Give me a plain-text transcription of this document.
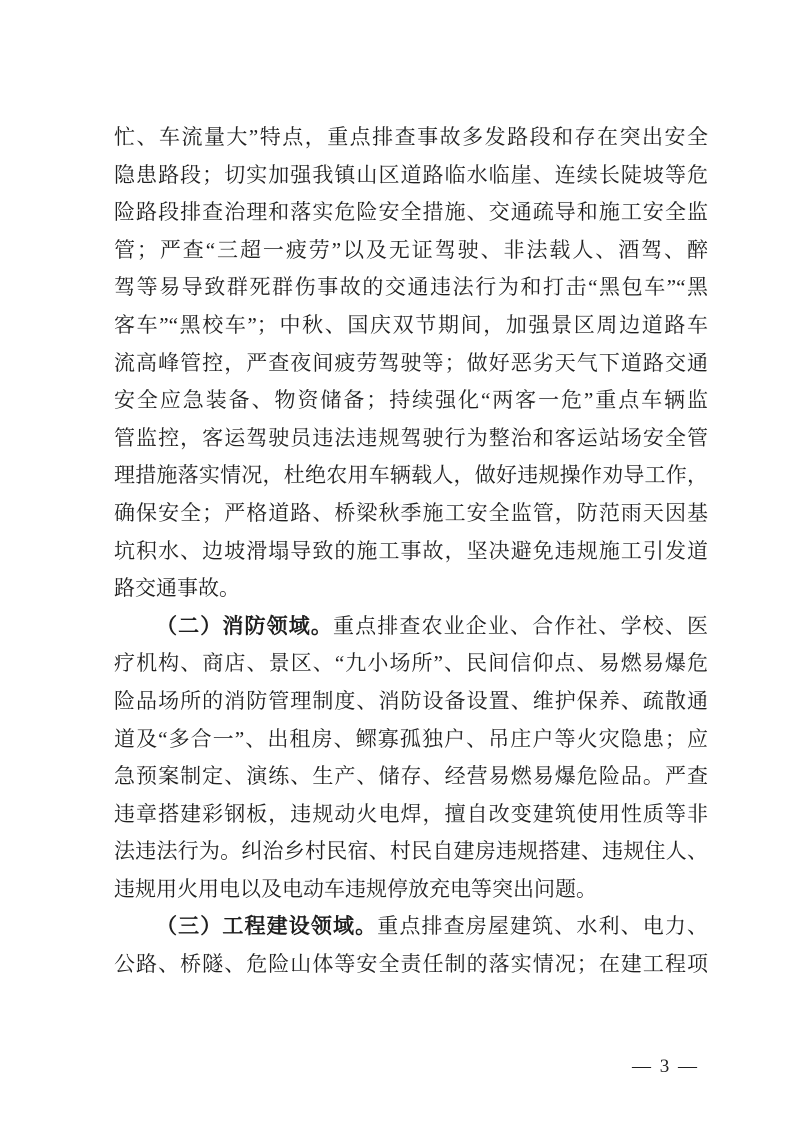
忙、车流量大”特点，重点排查事故多发路段和存在突出安全
隐患路段；切实加强我镇山区道路临水临崖、连续长陡坡等危
险路段排查治理和落实危险安全措施、交通疏导和施工安全监
管；严查“三超一疲劳”以及无证驾驶、非法载人、酒驾、醉
驾等易导致群死群伤事故的交通违法行为和打击“黑包车”“黑
客车”“黑校车”；中秋、国庆双节期间，加强景区周边道路车
流高峰管控，严查夜间疲劳驾驶等；做好恶劣天气下道路交通
安全应急装备、物资储备；持续强化“两客一危”重点车辆监
管监控，客运驾驶员违法违规驾驶行为整治和客运站场安全管
理措施落实情况，杜绝农用车辆载人，做好违规操作劝导工作，
确保安全；严格道路、桥梁秋季施工安全监管，防范雨天因基
坑积水、边坡滑塌导致的施工事故，坚决避免违规施工引发道
路交通事故。
（二）消防领域。重点排查农业企业、合作社、学校、医
疗机构、商店、景区、“九小场所”、民间信仰点、易燃易爆危
险品场所的消防管理制度、消防设备设置、维护保养、疏散通
道及“多合一”、出租房、鳏寡孤独户、吊庄户等火灾隐患；应
急预案制定、演练、生产、储存、经营易燃易爆危险品。严查
违章搭建彩钢板，违规动火电焊，擅自改变建筑使用性质等非
法违法行为。纠治乡村民宿、村民自建房违规搭建、违规住人、
违规用火用电以及电动车违规停放充电等突出问题。
（三）工程建设领域。重点排查房屋建筑、水利、电力、
公路、桥隧、危险山体等安全责任制的落实情况；在建工程项
— 3 —
